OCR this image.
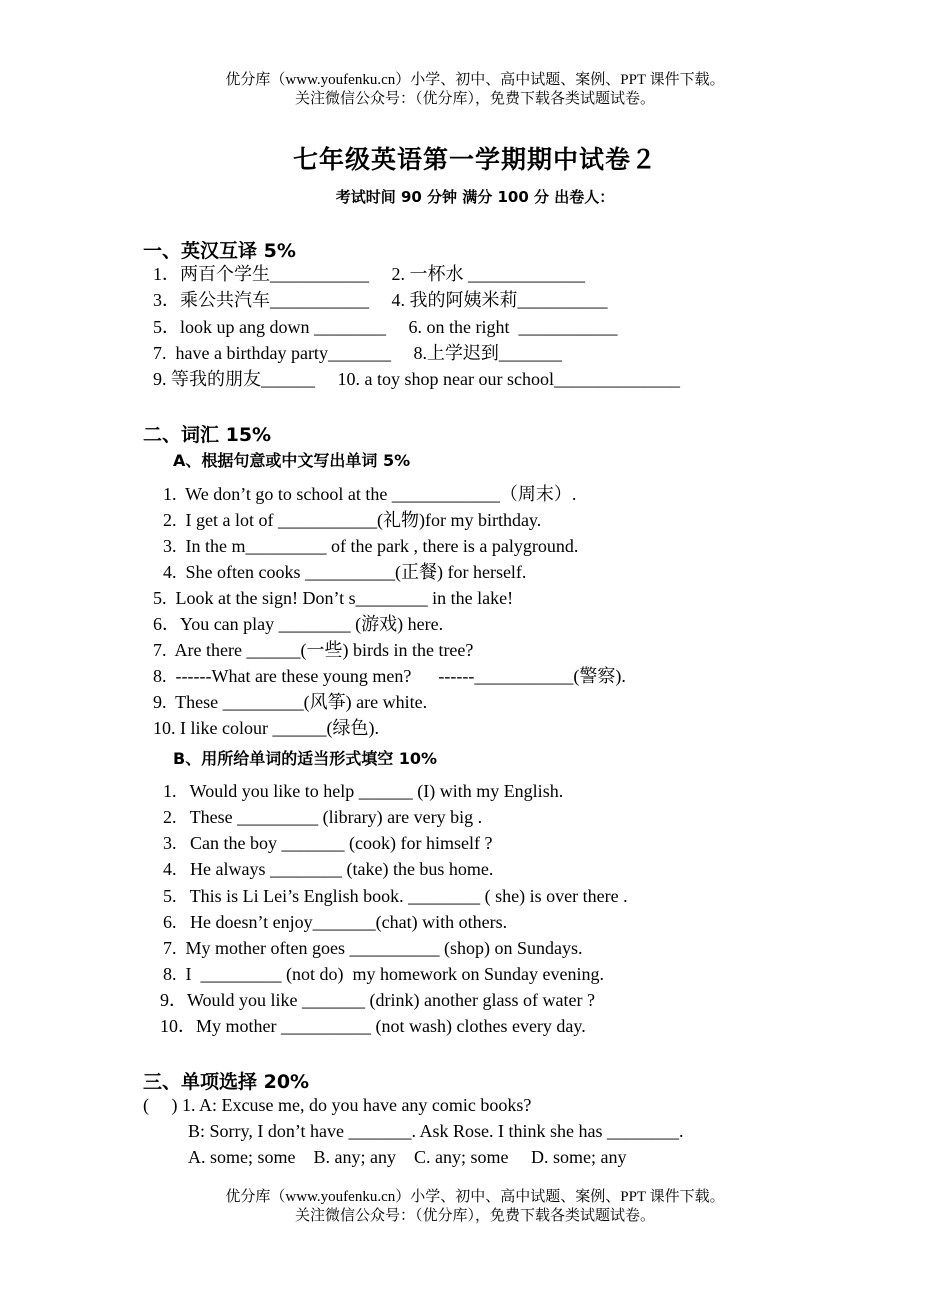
优分库（www.youfenku.cn）小学、初中、高中试题、案例、PPT 课件下载。
关注微信公众号：（优分库），免费下载各类试题试卷。
七年级英语第一学期期中试卷２
考试时间 90 分钟 满分 100 分 出卷人：
一、英汉互译 5%
1．两百个学生___________     2. 一杯水 _____________
3．乘公共汽车___________     4. 我的阿姨米莉__________
5．look up ang down ________     6. on the right  ___________
7.  have a birthday party_______     8.上学迟到_______
9. 等我的朋友______     10. a toy shop near our school______________
二、词汇 15%
A、根据句意或中文写出单词 5%
1.  We don’t go to school at the ____________（周末）.
2.  I get a lot of ___________(礼物)for my birthday.
3.  In the m_________ of the park , there is a palyground.
4.  She often cooks __________(正餐) for herself.
5.  Look at the sign! Don’t s________ in the lake!
6．You can play ________ (游戏) here.
7.  Are there ______(一些) birds in the tree?
8.  ------What are these young men?      ------___________(警察).
9.  These _________(风筝) are white.
10. I like colour ______(绿色).
B、用所给单词的适当形式填空 10%
1.   Would you like to help ______ (I) with my English.
2.   These _________ (library) are very big .
3.   Can the boy _______ (cook) for himself ?
4.   He always ________ (take) the bus home.
5.   This is Li Lei’s English book. ________ ( she) is over there .
6.   He doesn’t enjoy_______(chat) with others.
7.  My mother often goes __________ (shop) on Sundays.
8.  I  _________ (not do)  my homework on Sunday evening.
9．Would you like _______ (drink) another glass of water ?
10．My mother __________ (not wash) clothes every day.
三、单项选择 20%
(     ) 1. A: Excuse me, do you have any comic books?
B: Sorry, I don’t have _______. Ask Rose. I think she has ________.
A. some; some    B. any; any    C. any; some     D. some; any
优分库（www.youfenku.cn）小学、初中、高中试题、案例、PPT 课件下载。
关注微信公众号：（优分库），免费下载各类试题试卷。
